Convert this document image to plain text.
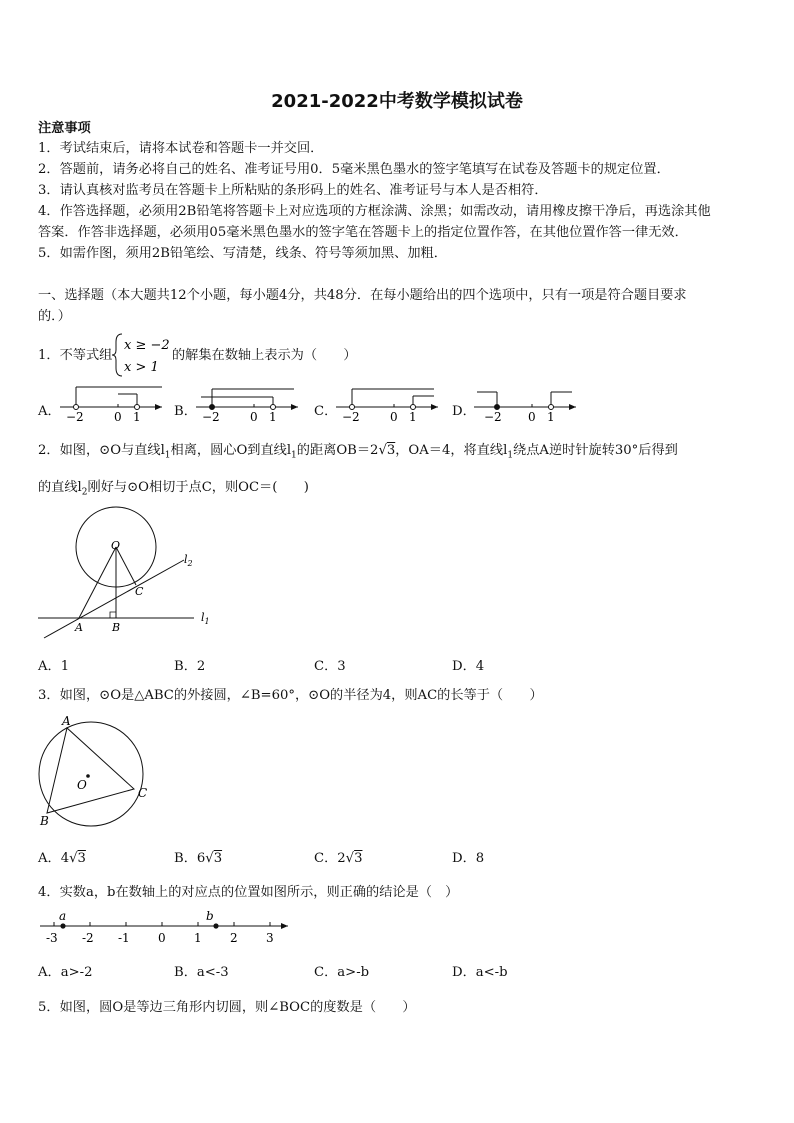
2021-2022中考数学模拟试卷
注意事项
1．考试结束后，请将本试卷和答题卡一并交回．
2．答题前，请务必将自己的姓名、准考证号用0．5毫米黑色墨水的签字笔填写在试卷及答题卡的规定位置．
3．请认真核对监考员在答题卡上所粘贴的条形码上的姓名、准考证号与本人是否相符．
4．作答选择题，必须用2B铅笔将答题卡上对应选项的方框涂满、涂黑；如需改动，请用橡皮擦干净后，再选涂其他
答案．作答非选择题，必须用05毫米黑色墨水的签字笔在答题卡上的指定位置作答，在其他位置作答一律无效．
5．如需作图，须用2B铅笔绘、写清楚，线条、符号等须加黑、加粗．
一、选择题（本大题共12个小题，每小题4分，共48分．在每小题给出的四个选项中，只有一项是符合题目要求
的．）
1．不等式组
x ≥ −2
x > 1
的解集在数轴上表示为（　　）
A． −2	0 1	B． −2	0 1	C． −2	0 1	D． −2 0 1
2．如图，⊙O与直线$l_1$相离，圆心O到直线$l_1$的距离OB＝2√3，OA＝4，将直线$l_1$绕点A逆时针旋转30°后得到
的直线$l_2$刚好与⊙O相切于点C，则OC＝(　　)
O
A	B
C
$l_2$
$l_1$
A．1	B．2	C．3	D．4
3．如图，⊙O是△ABC的外接圆，∠B=60°，⊙O的半径为4，则AC的长等于（　　）
A
B
C
O
A．4√3	B．6√3	C．2√3	D．8
4．实数a，b在数轴上的对应点的位置如图所示，则正确的结论是（　）
a	b
-3 -2 -1 0 1 2 3
A．a>-2	B．a<-3	C．a>-b	D．a<-b
5．如图，圆O是等边三角形内切圆，则∠BOC的度数是（　　）
